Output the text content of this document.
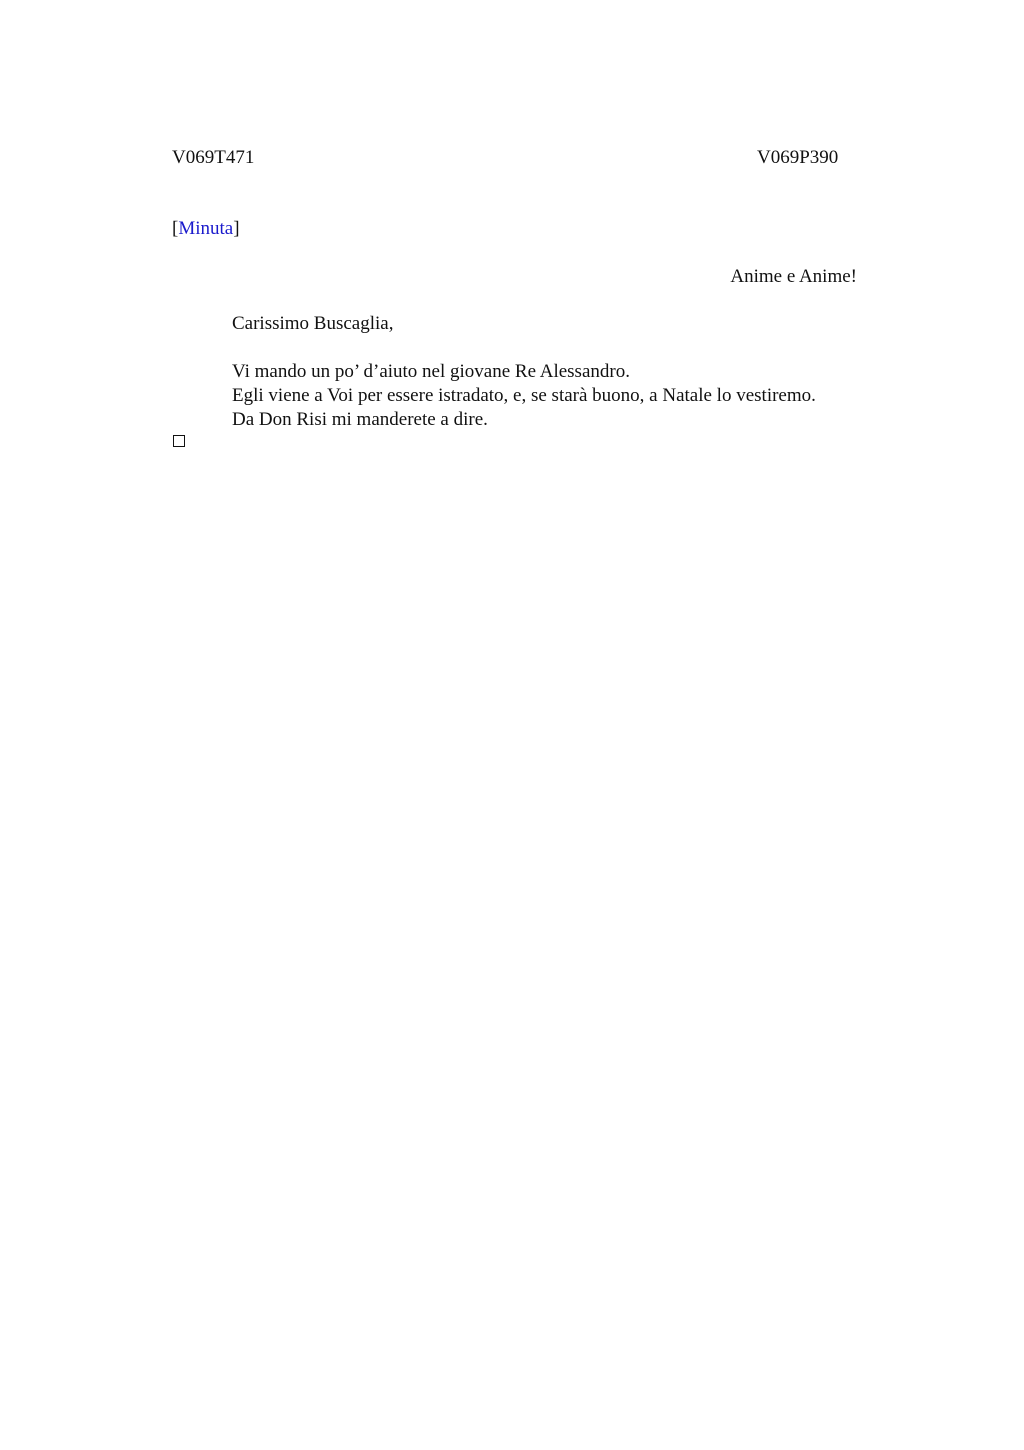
V069T471	V069P390
[Minuta]
Anime e Anime!
Carissimo Buscaglia,
Vi mando un po’ d’aiuto nel giovane Re Alessandro.
Egli viene a Voi per essere istradato, e, se starà buono, a Natale lo vestiremo.
Da Don Risi mi manderete a dire.
